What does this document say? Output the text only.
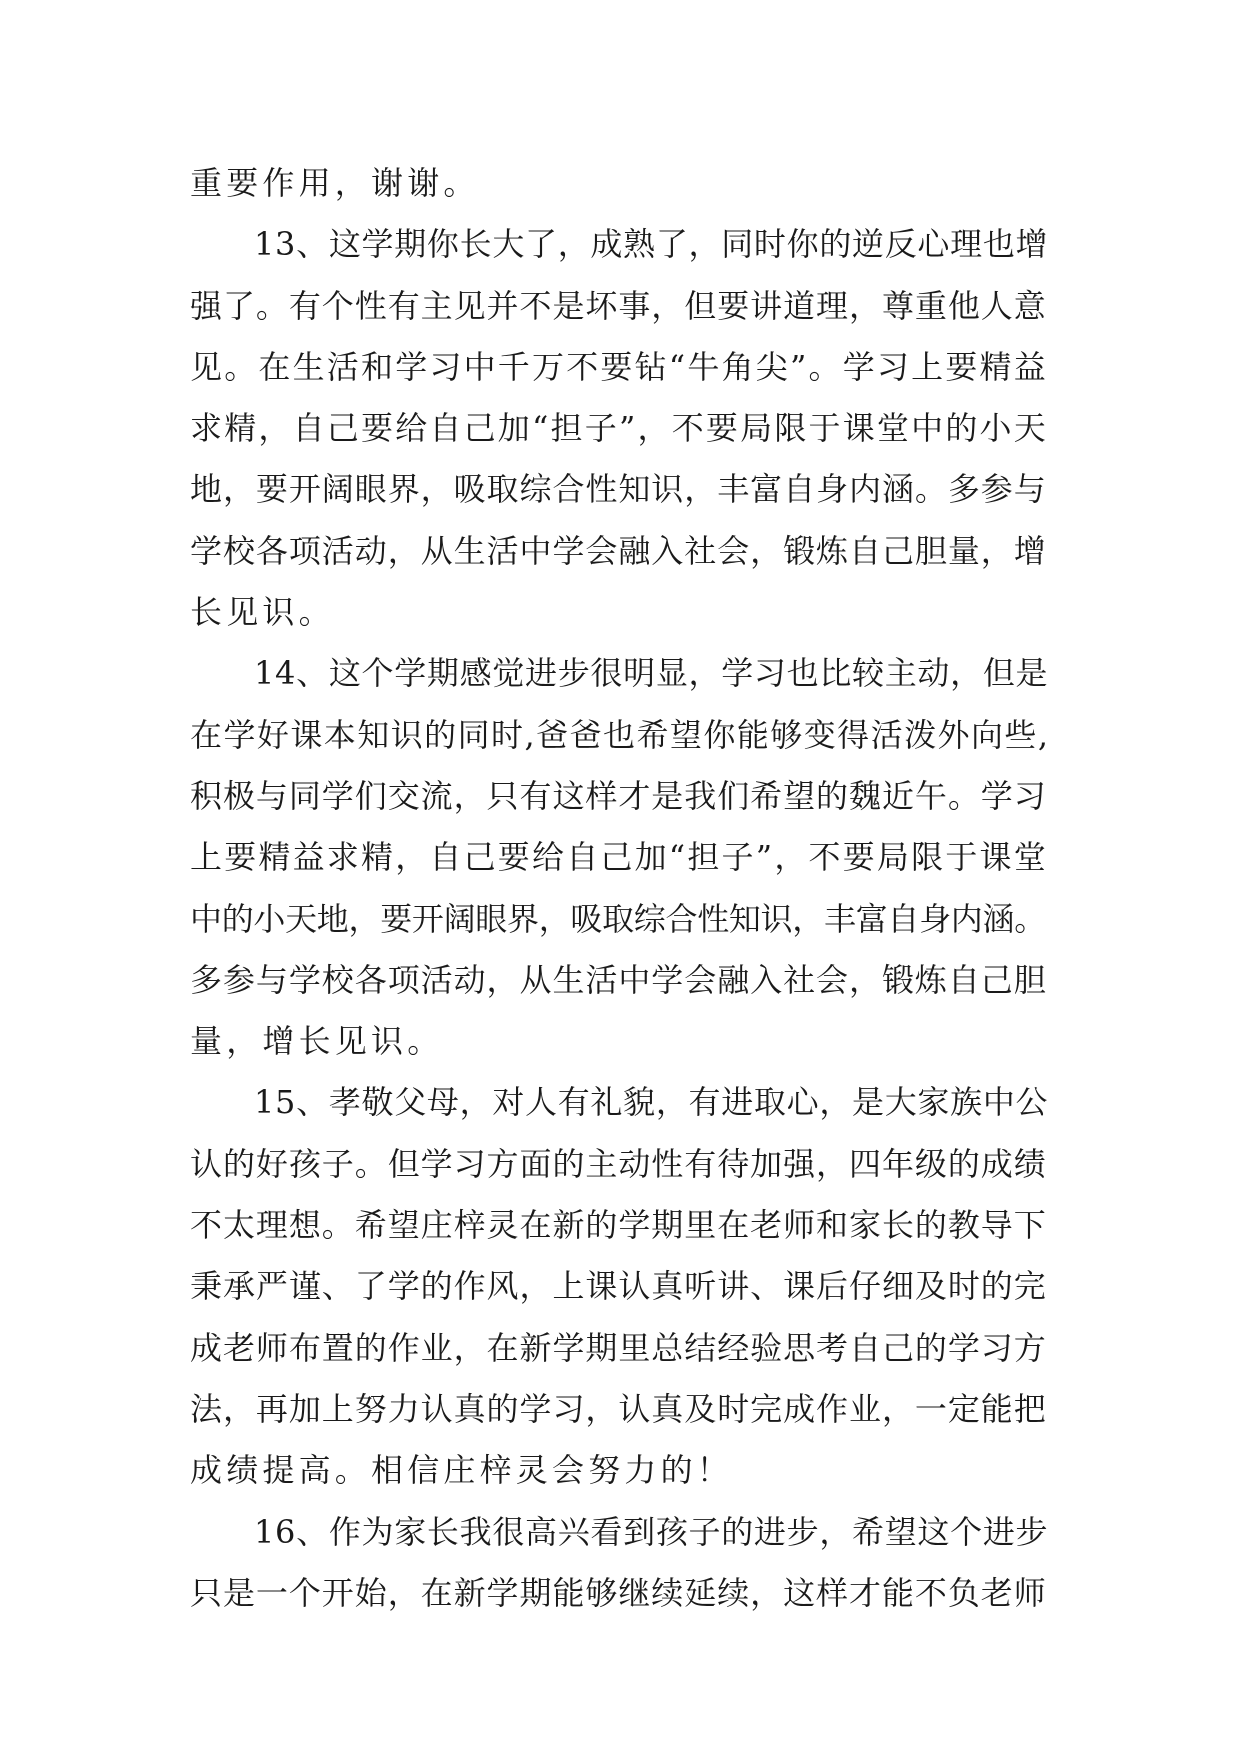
重要作用，谢谢。
13、这学期你长大了，成熟了，同时你的逆反心理也增
强了。有个性有主见并不是坏事，但要讲道理，尊重他人意
见。在生活和学习中千万不要钻“牛角尖”。学习上要精益
求精，自己要给自己加“担子”，不要局限于课堂中的小天
地，要开阔眼界，吸取综合性知识，丰富自身内涵。多参与
学校各项活动，从生活中学会融入社会，锻炼自己胆量，增
长见识。
14、这个学期感觉进步很明显，学习也比较主动，但是
在学好课本知识的同时,爸爸也希望你能够变得活泼外向些,
积极与同学们交流，只有这样才是我们希望的魏近午。学习
上要精益求精，自己要给自己加“担子”，不要局限于课堂
中的小天地，要开阔眼界，吸取综合性知识，丰富自身内涵。
多参与学校各项活动，从生活中学会融入社会，锻炼自己胆
量，增长见识。
15、孝敬父母，对人有礼貌，有进取心，是大家族中公
认的好孩子。但学习方面的主动性有待加强，四年级的成绩
不太理想。希望庄梓灵在新的学期里在老师和家长的教导下
秉承严谨、了学的作风，上课认真听讲、课后仔细及时的完
成老师布置的作业，在新学期里总结经验思考自己的学习方
法，再加上努力认真的学习，认真及时完成作业，一定能把
成绩提高。相信庄梓灵会努力的！
16、作为家长我很高兴看到孩子的进步，希望这个进步
只是一个开始，在新学期能够继续延续，这样才能不负老师
